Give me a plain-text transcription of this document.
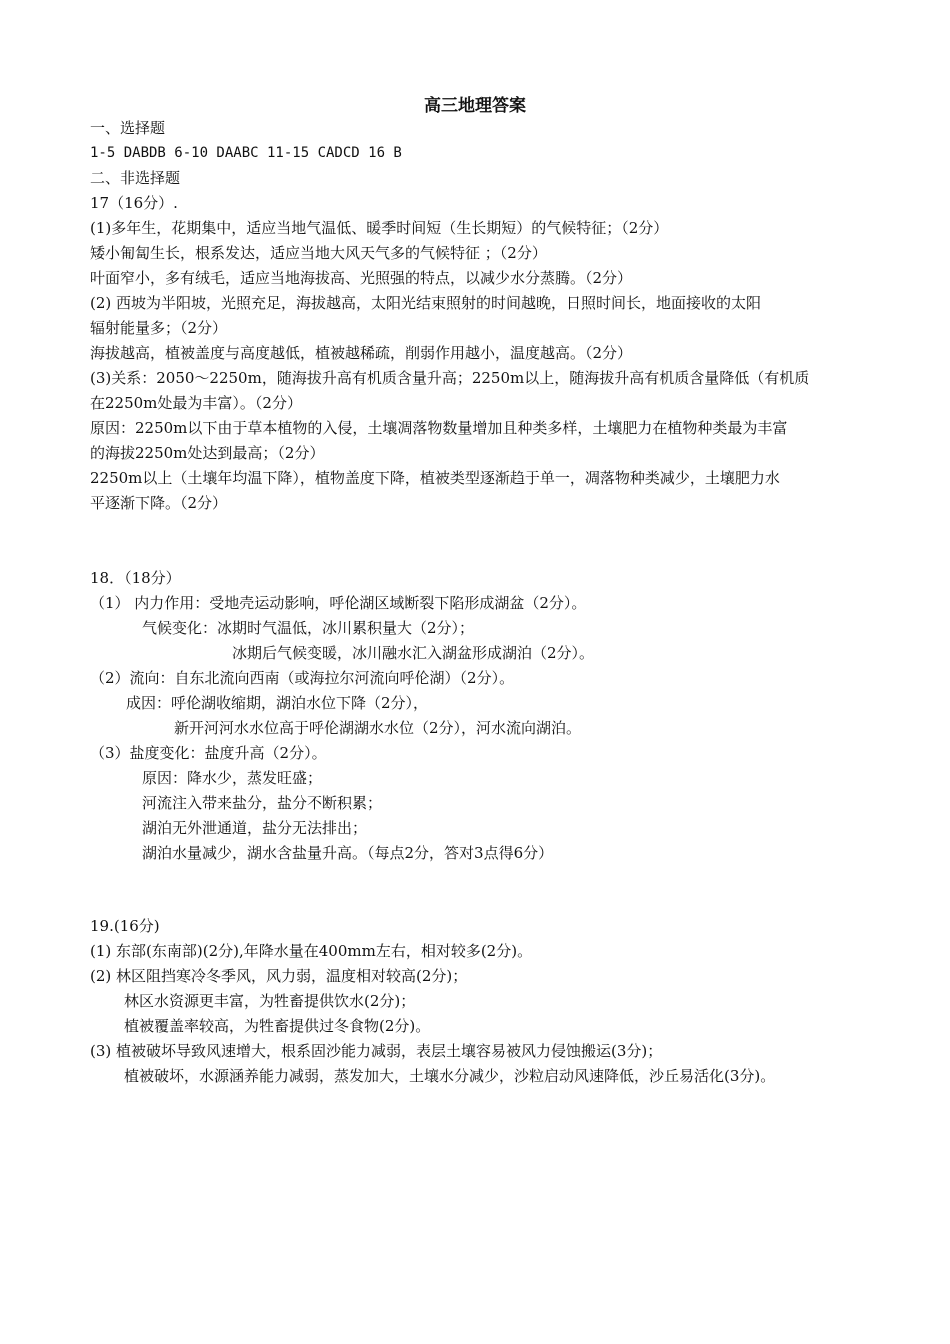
高三地理答案
一、选择题
1-5 DABDB 6-10 DAABC 11-15 CADCD 16 B
二、非选择题
17（16分）.
(1)多年生，花期集中，适应当地气温低、暖季时间短（生长期短）的气候特征；（2分）
矮小匍匐生长，根系发达，适应当地大风天气多的气候特征 ；（2分）
叶面窄小，多有绒毛，适应当地海拔高、光照强的特点，以减少水分蒸腾。（2分）
(2) 西坡为半阳坡，光照充足，海拔越高，太阳光结束照射的时间越晚，日照时间长，地面接收的太阳
辐射能量多；（2分）
海拔越高，植被盖度与高度越低，植被越稀疏，削弱作用越小，温度越高。（2分）
(3)关系：2050～2250m，随海拔升高有机质含量升高；2250m以上，随海拔升高有机质含量降低（有机质
在2250m处最为丰富）。（2分）
原因：2250m以下由于草本植物的入侵，土壤凋落物数量增加且种类多样，土壤肥力在植物种类最为丰富
的海拔2250m处达到最高；（2分）
2250m以上（土壤年均温下降），植物盖度下降，植被类型逐渐趋于单一，凋落物种类减少，土壤肥力水
平逐渐下降。（2分）
18．（18分）
（1） 内力作用：受地壳运动影响，呼伦湖区域断裂下陷形成湖盆（2分）。
气候变化：冰期时气温低，冰川累积量大（2分）；
冰期后气候变暖，冰川融水汇入湖盆形成湖泊（2分）。
（2）流向：自东北流向西南（或海拉尔河流向呼伦湖）（2分）。
成因：呼伦湖收缩期，湖泊水位下降（2分），
新开河河水水位高于呼伦湖湖水水位（2分），河水流向湖泊。
（3）盐度变化：盐度升高（2分）。
原因：降水少，蒸发旺盛；
河流注入带来盐分，盐分不断积累；
湖泊无外泄通道，盐分无法排出；
湖泊水量减少，湖水含盐量升高。（每点2分，答对3点得6分）
19.(16分)
(1) 东部(东南部)(2分),年降水量在400mm左右，相对较多(2分)。
(2) 林区阻挡寒冷冬季风，风力弱，温度相对较高(2分)；
林区水资源更丰富，为牲畜提供饮水(2分)；
植被覆盖率较高，为牲畜提供过冬食物(2分)。
(3) 植被破坏导致风速增大，根系固沙能力减弱，表层土壤容易被风力侵蚀搬运(3分)；
植被破坏，水源涵养能力减弱，蒸发加大，土壤水分减少，沙粒启动风速降低，沙丘易活化(3分)。
